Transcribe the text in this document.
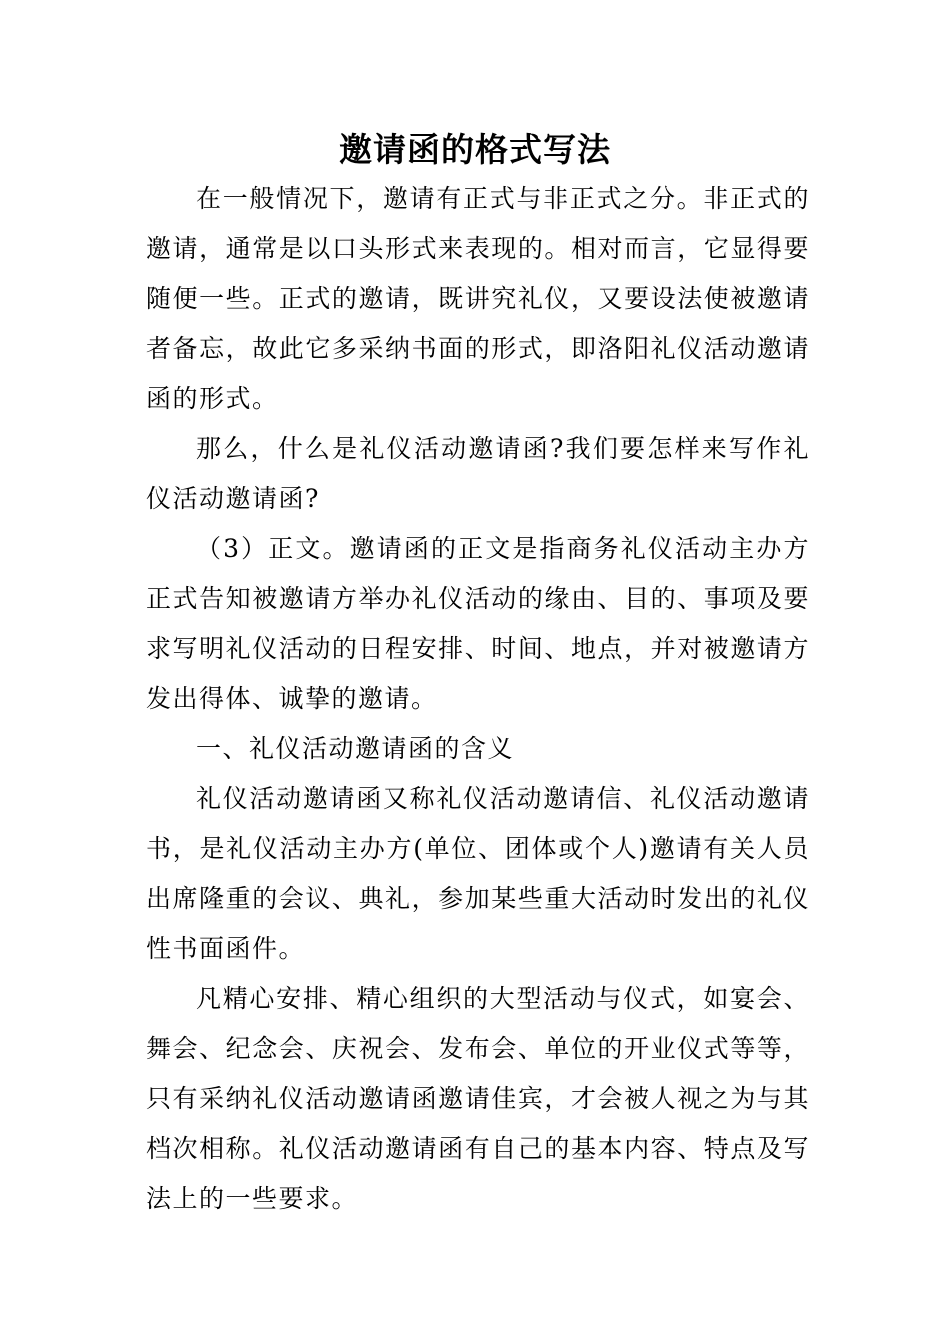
邀请函的格式写法

在一般情况下，邀请有正式与非正式之分。非正式的邀请，通常是以口头形式来表现的。相对而言，它显得要随便一些。正式的邀请，既讲究礼仪，又要设法使被邀请者备忘，故此它多采纳书面的形式，即洛阳礼仪活动邀请函的形式。

那么，什么是礼仪活动邀请函?我们要怎样来写作礼仪活动邀请函?

（3）正文。邀请函的正文是指商务礼仪活动主办方正式告知被邀请方举办礼仪活动的缘由、目的、事项及要求写明礼仪活动的日程安排、时间、地点，并对被邀请方发出得体、诚挚的邀请。

一、礼仪活动邀请函的含义

礼仪活动邀请函又称礼仪活动邀请信、礼仪活动邀请书，是礼仪活动主办方(单位、团体或个人)邀请有关人员出席隆重的会议、典礼，参加某些重大活动时发出的礼仪性书面函件。

凡精心安排、精心组织的大型活动与仪式，如宴会、舞会、纪念会、庆祝会、发布会、单位的开业仪式等等，只有采纳礼仪活动邀请函邀请佳宾，才会被人视之为与其档次相称。礼仪活动邀请函有自己的基本内容、特点及写法上的一些要求。
